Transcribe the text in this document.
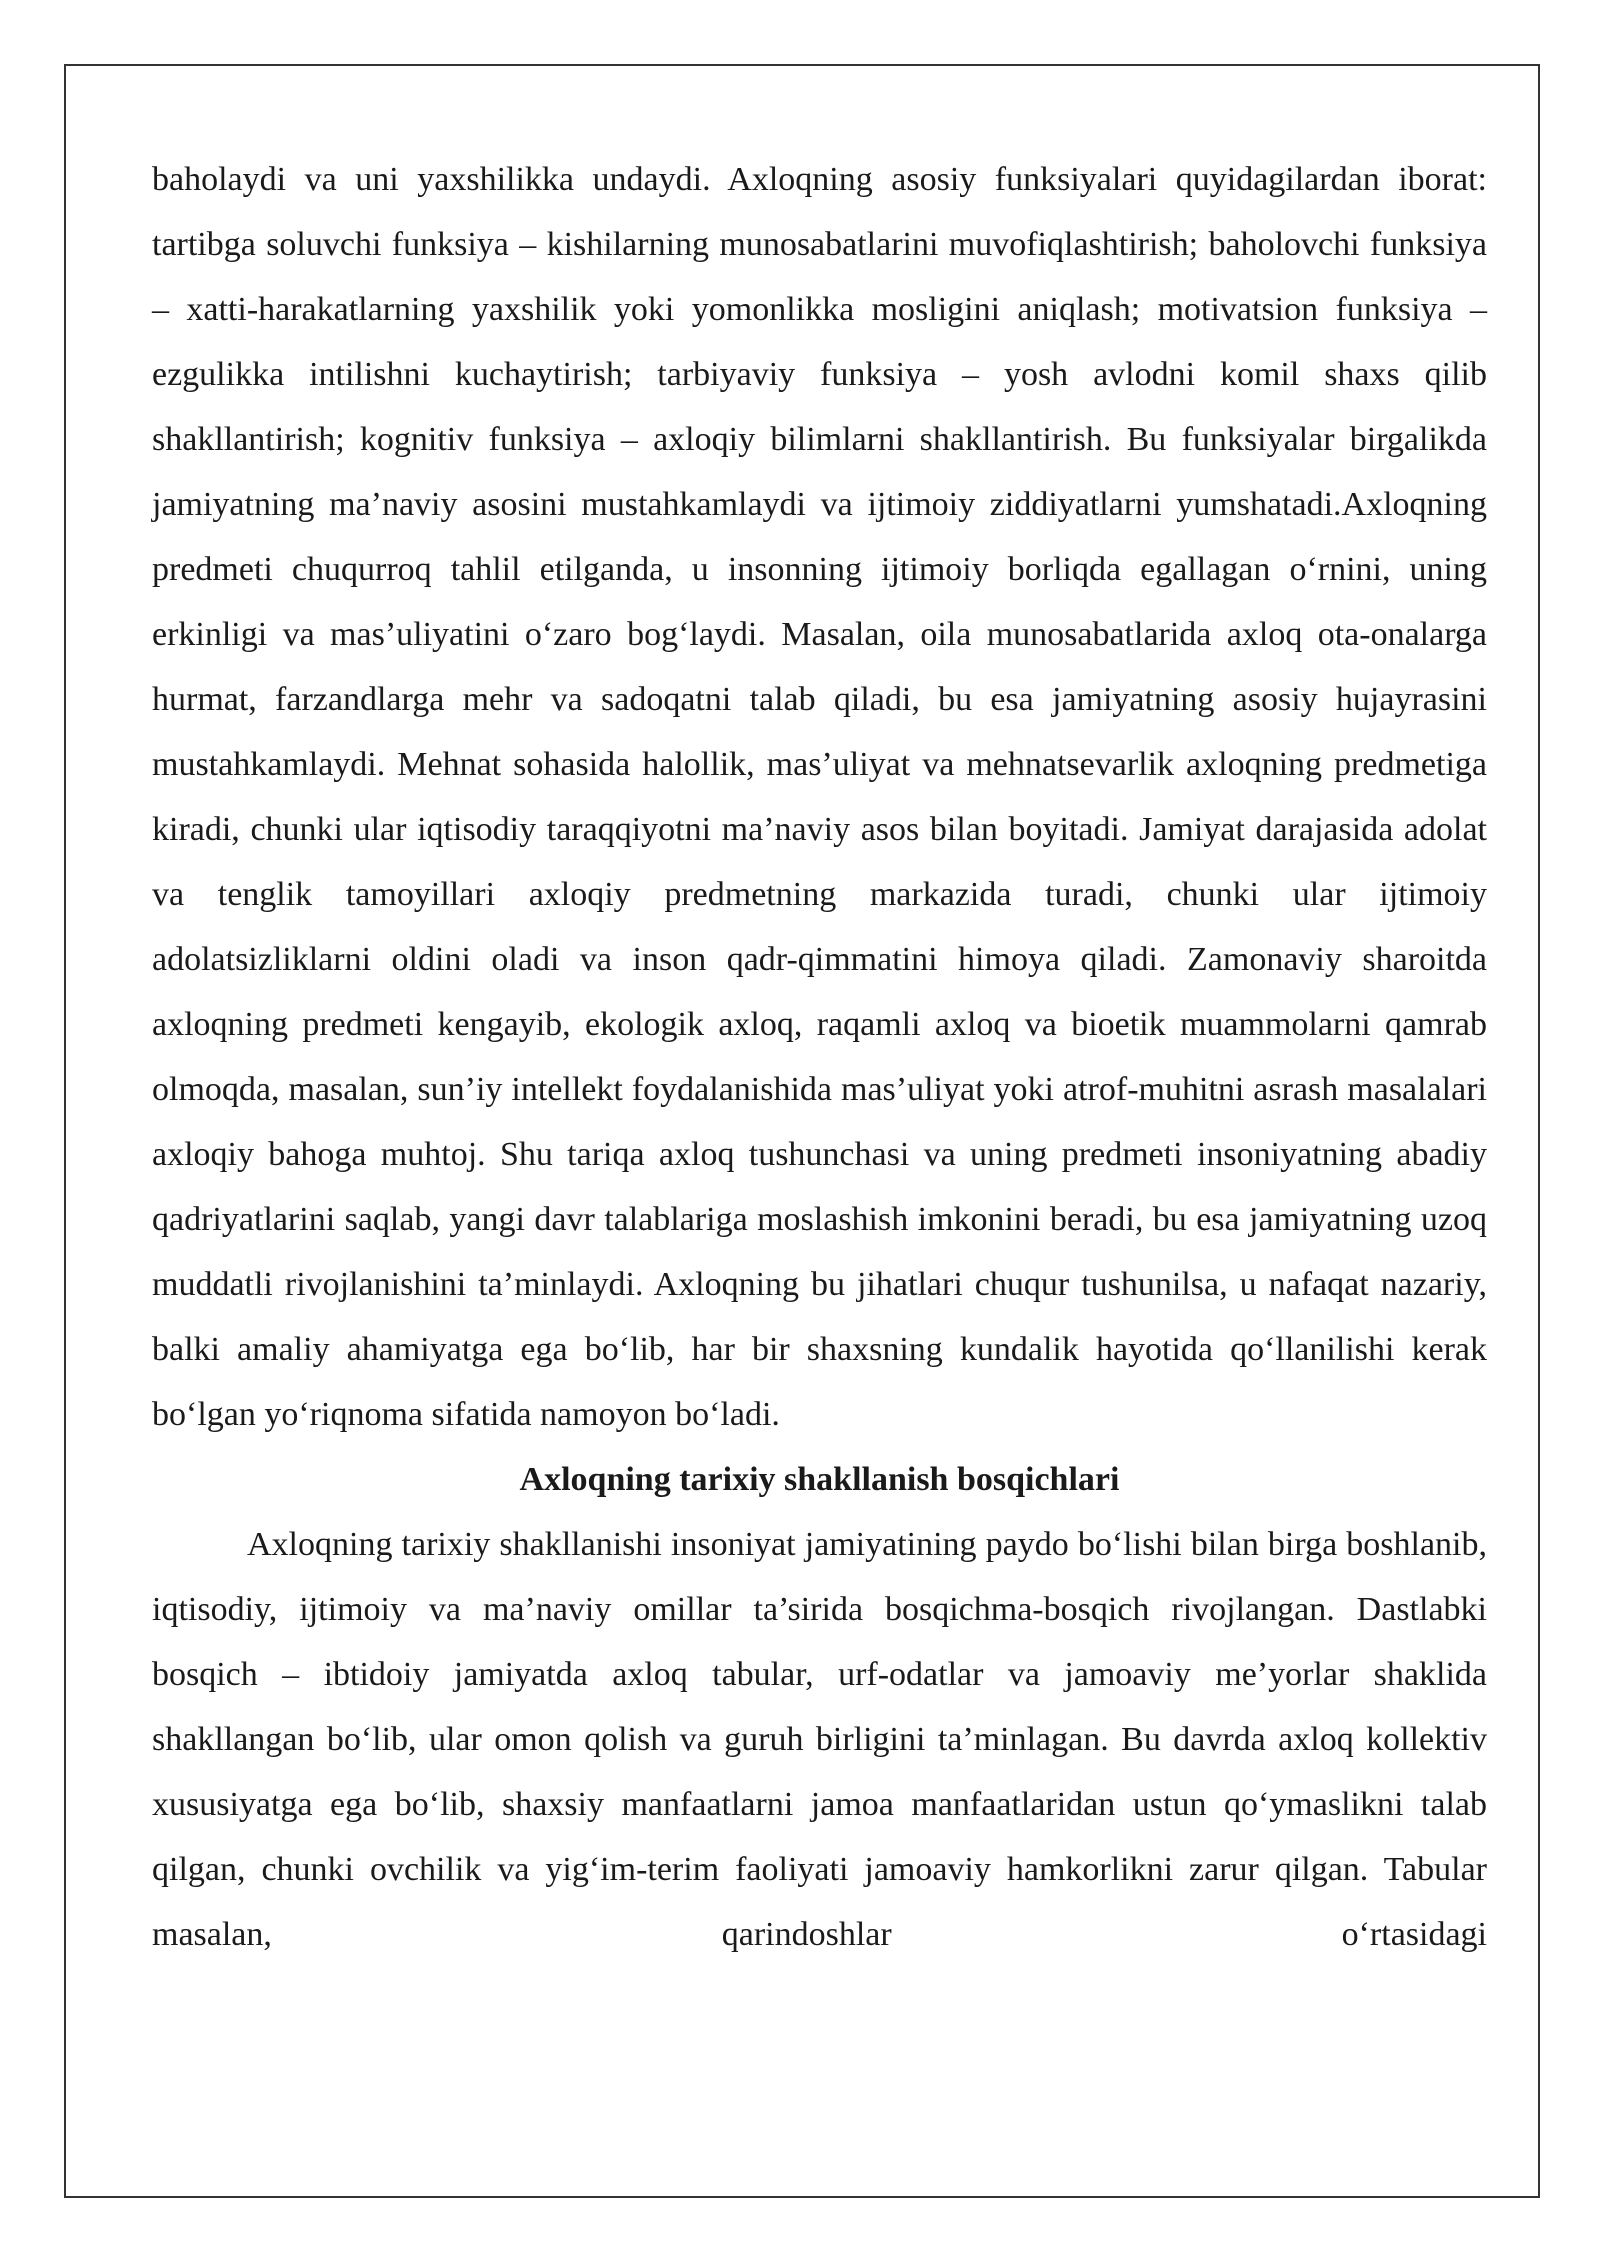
baholaydi va uni yaxshilikka undaydi. Axloqning asosiy funksiyalari quyidagilardan iborat: tartibga soluvchi funksiya – kishilarning munosabatlarini muvofiqlashtirish; baholovchi funksiya – xatti-harakatlarning yaxshilik yoki yomonlikka mosligini aniqlash; motivatsion funksiya – ezgulikka intilishni kuchaytirish; tarbiyaviy funksiya – yosh avlodni komil shaxs qilib shakllantirish; kognitiv funksiya – axloqiy bilimlarni shakllantirish. Bu funksiyalar birgalikda jamiyatning ma’naviy asosini mustahkamlaydi va ijtimoiy ziddiyatlarni yumshatadi.Axloqning predmeti chuqurroq tahlil etilganda, u insonning ijtimoiy borliqda egallagan o‘rnini, uning erkinligi va mas’uliyatini o‘zaro bog‘laydi. Masalan, oila munosabatlarida axloq ota-onalarga hurmat, farzandlarga mehr va sadoqatni talab qiladi, bu esa jamiyatning asosiy hujayrasini mustahkamlaydi. Mehnat sohasida halollik, mas’uliyat va mehnatsevarlik axloqning predmetiga kiradi, chunki ular iqtisodiy taraqqiyotni ma’naviy asos bilan boyitadi. Jamiyat darajasida adolat va tenglik tamoyillari axloqiy predmetning markazida turadi, chunki ular ijtimoiy adolatsizliklarni oldini oladi va inson qadr-qimmatini himoya qiladi. Zamonaviy sharoitda axloqning predmeti kengayib, ekologik axloq, raqamli axloq va bioetik muammolarni qamrab olmoqda, masalan, sun’iy intellekt foydalanishida mas’uliyat yoki atrof-muhitni asrash masalalari axloqiy bahoga muhtoj. Shu tariqa axloq tushunchasi va uning predmeti insoniyatning abadiy qadriyatlarini saqlab, yangi davr talablariga moslashish imkonini beradi, bu esa jamiyatning uzoq muddatli rivojlanishini ta’minlaydi. Axloqning bu jihatlari chuqur tushunilsa, u nafaqat nazariy, balki amaliy ahamiyatga ega bo‘lib, har bir shaxsning kundalik hayotida qo‘llanilishi kerak bo‘lgan yo‘riqnoma sifatida namoyon bo‘ladi.

Axloqning tarixiy shakllanish bosqichlari

Axloqning tarixiy shakllanishi insoniyat jamiyatining paydo bo‘lishi bilan birga boshlanib, iqtisodiy, ijtimoiy va ma’naviy omillar ta’sirida bosqichma-bosqich rivojlangan. Dastlabki bosqich – ibtidoiy jamiyatda axloq tabular, urf-odatlar va jamoaviy me’yorlar shaklida shakllangan bo‘lib, ular omon qolish va guruh birligini ta’minlagan. Bu davrda axloq kollektiv xususiyatga ega bo‘lib, shaxsiy manfaatlarni jamoa manfaatlaridan ustun qo‘ymaslikni talab qilgan, chunki ovchilik va yig‘im-terim faoliyati jamoaviy hamkorlikni zarur qilgan. Tabular masalan, qarindoshlar o‘rtasidagi
